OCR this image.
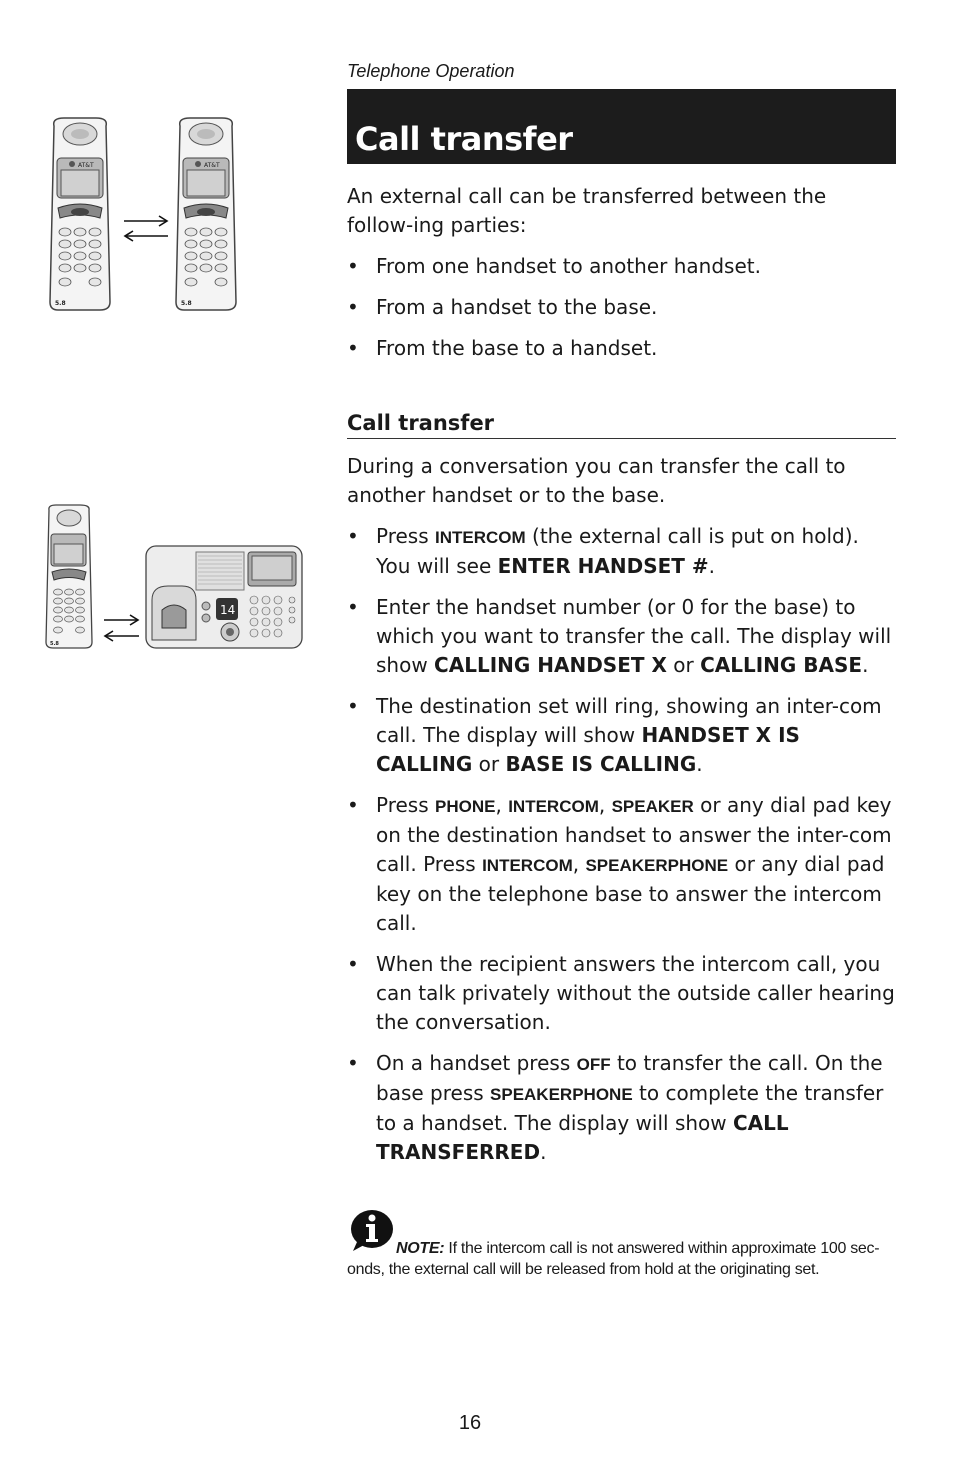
Telephone Operation
Call transfer
AT&T
5.8
AT&T
5.8
5.8
14

An external call can be transferred between the follow-ing parties:

• From one handset to another handset.
• From a handset to the base.
• From the base to a handset.
Call transfer

During a conversation you can transfer the call to another handset or to the base.

• Press INTERCOM (the external call is put on hold). You will see ENTER HANDSET #.
• Enter the handset number (or 0 for the base) to which you want to transfer the call. The display will show CALLING HANDSET X or CALLING BASE.
• The destination set will ring, showing an inter-com call. The display will show HANDSET X IS CALLING or BASE IS CALLING.
• Press PHONE, INTERCOM, SPEAKER or any dial pad key on the destination handset to answer the inter-com call. Press INTERCOM, SPEAKERPHONE or any dial pad key on the telephone base to answer the intercom call.
• When the recipient answers the intercom call, you can talk privately without the outside caller hearing the conversation.
• On a handset press OFF to transfer the call. On the base press SPEAKERPHONE to complete the transfer to a handset. The display will show CALL TRANSFERRED.
NOTE: If the intercom call is not answered within approximate 100 sec-onds, the external call will be released from hold at the originating set.
16
